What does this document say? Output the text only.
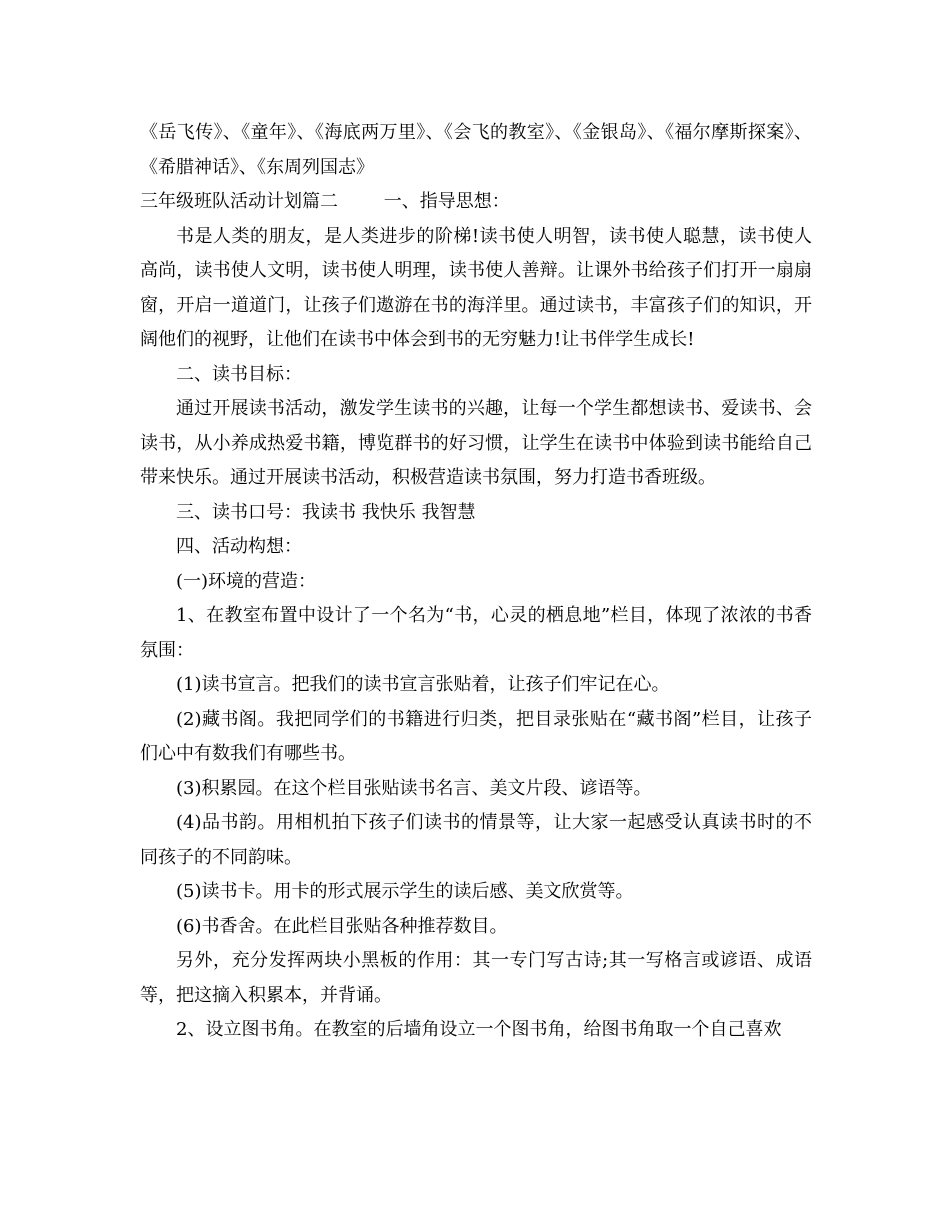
《岳飞传》、《童年》、《海底两万里》、《会飞的教室》、《金银岛》、《福尔摩斯探案》、《希腊神话》、《东周列国志》

三年级班队活动计划篇二        一、指导思想：

书是人类的朋友，是人类进步的阶梯!读书使人明智，读书使人聪慧，读书使人高尚，读书使人文明，读书使人明理，读书使人善辩。让课外书给孩子们打开一扇扇窗，开启一道道门，让孩子们遨游在书的海洋里。通过读书，丰富孩子们的知识，开阔他们的视野，让他们在读书中体会到书的无穷魅力!让书伴学生成长!

二、读书目标：

通过开展读书活动，激发学生读书的兴趣，让每一个学生都想读书、爱读书、会读书，从小养成热爱书籍，博览群书的好习惯，让学生在读书中体验到读书能给自己带来快乐。通过开展读书活动，积极营造读书氛围，努力打造书香班级。

三、读书口号：我读书 我快乐 我智慧

四、活动构想：

(一)环境的营造：

1、在教室布置中设计了一个名为“书，心灵的栖息地”栏目，体现了浓浓的书香氛围：

(1)读书宣言。把我们的读书宣言张贴着，让孩子们牢记在心。

(2)藏书阁。我把同学们的书籍进行归类，把目录张贴在“藏书阁”栏目，让孩子们心中有数我们有哪些书。

(3)积累园。在这个栏目张贴读书名言、美文片段、谚语等。

(4)品书韵。用相机拍下孩子们读书的情景等，让大家一起感受认真读书时的不同孩子的不同韵味。

(5)读书卡。用卡的形式展示学生的读后感、美文欣赏等。

(6)书香舍。在此栏目张贴各种推荐数目。

另外，充分发挥两块小黑板的作用：其一专门写古诗;其一写格言或谚语、成语等，把这摘入积累本，并背诵。

2、设立图书角。在教室的后墙角设立一个图书角，给图书角取一个自己喜欢
